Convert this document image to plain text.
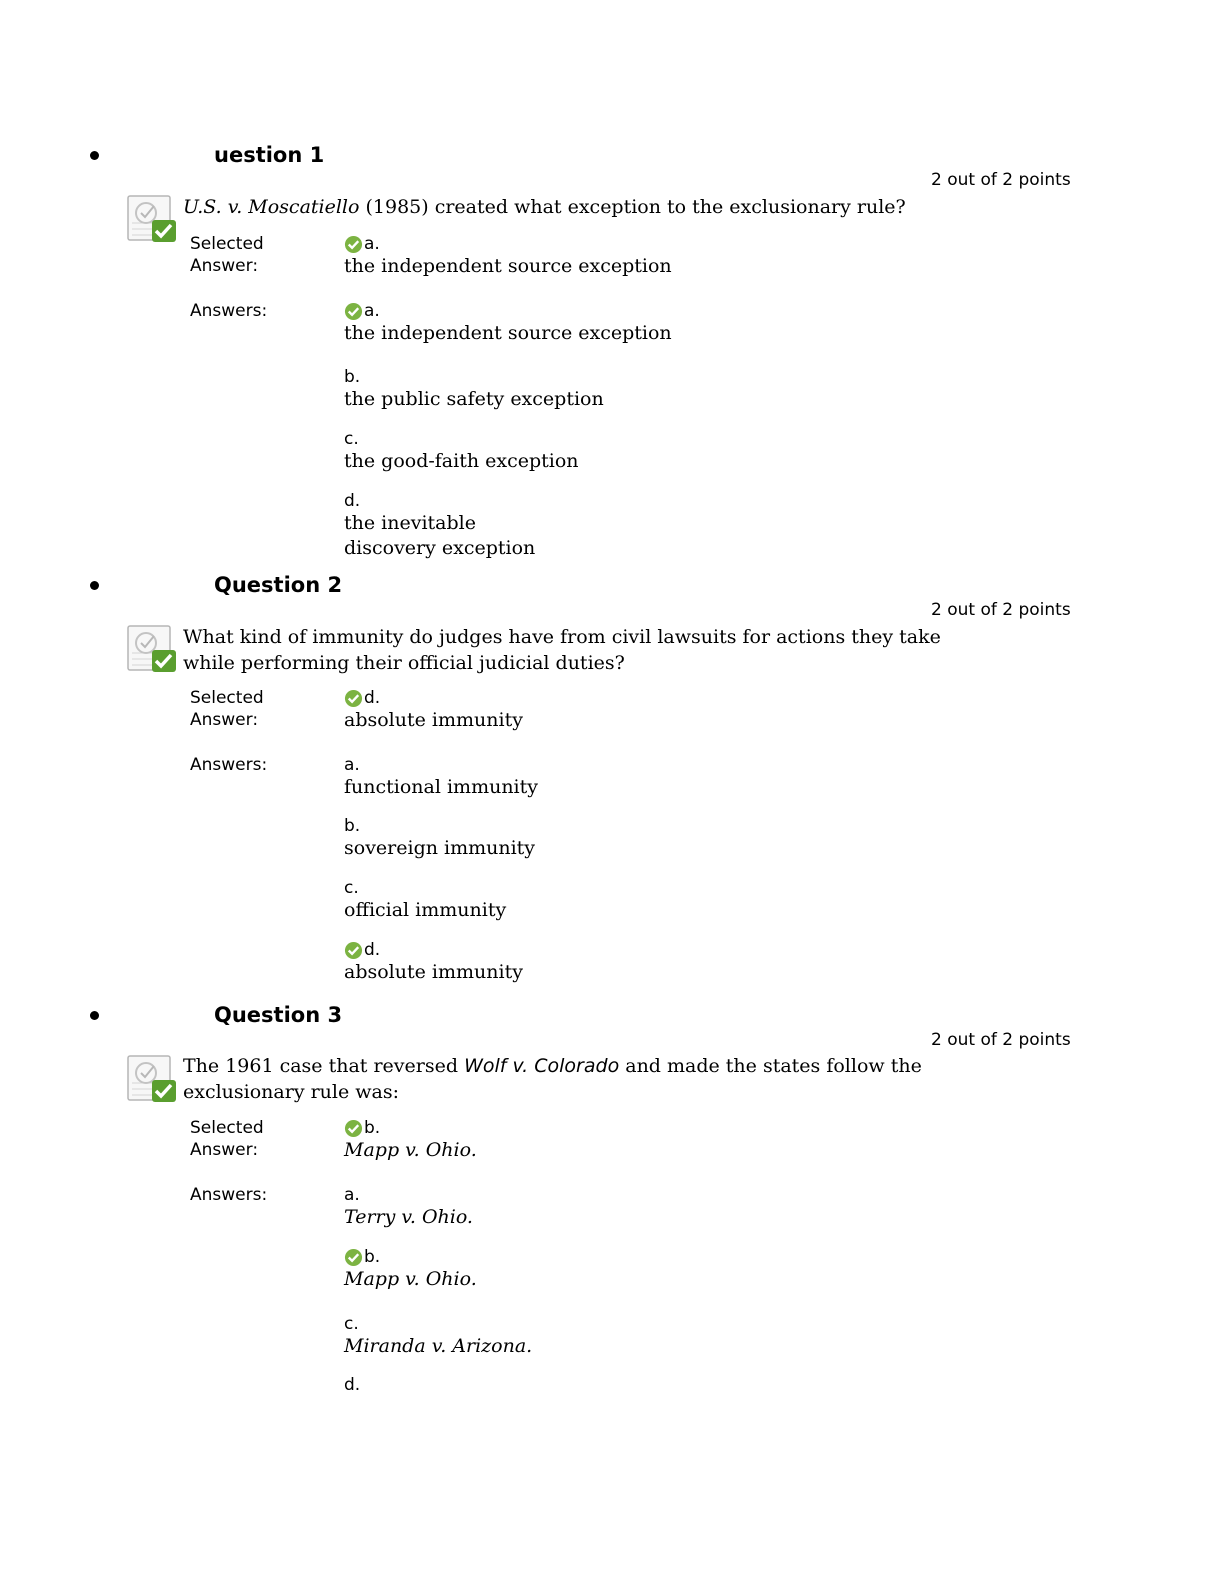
uestion 1
2 out of 2 points
U.S. v. Moscatiello (1985) created what exception to the exclusionary rule?
Selected Answer:
a.
the independent source exception
Answers:	a.
the independent source exception
b.
the public safety exception
c.
the good-faith exception
d.
the inevitable discovery exception
Question 2
2 out of 2 points
What kind of immunity do judges have from civil lawsuits for actions they take while performing their official judicial duties?
Selected Answer:
d.
absolute immunity
Answers:	a.
functional immunity
b.
sovereign immunity
c.
official immunity
d.
absolute immunity
Question 3
2 out of 2 points
The 1961 case that reversed Wolf v. Colorado and made the states follow the exclusionary rule was:
Selected Answer:
b.
Mapp v. Ohio.
Answers:	a.
Terry v. Ohio.
b.
Mapp v. Ohio.
c.
Miranda v. Arizona.
d.
